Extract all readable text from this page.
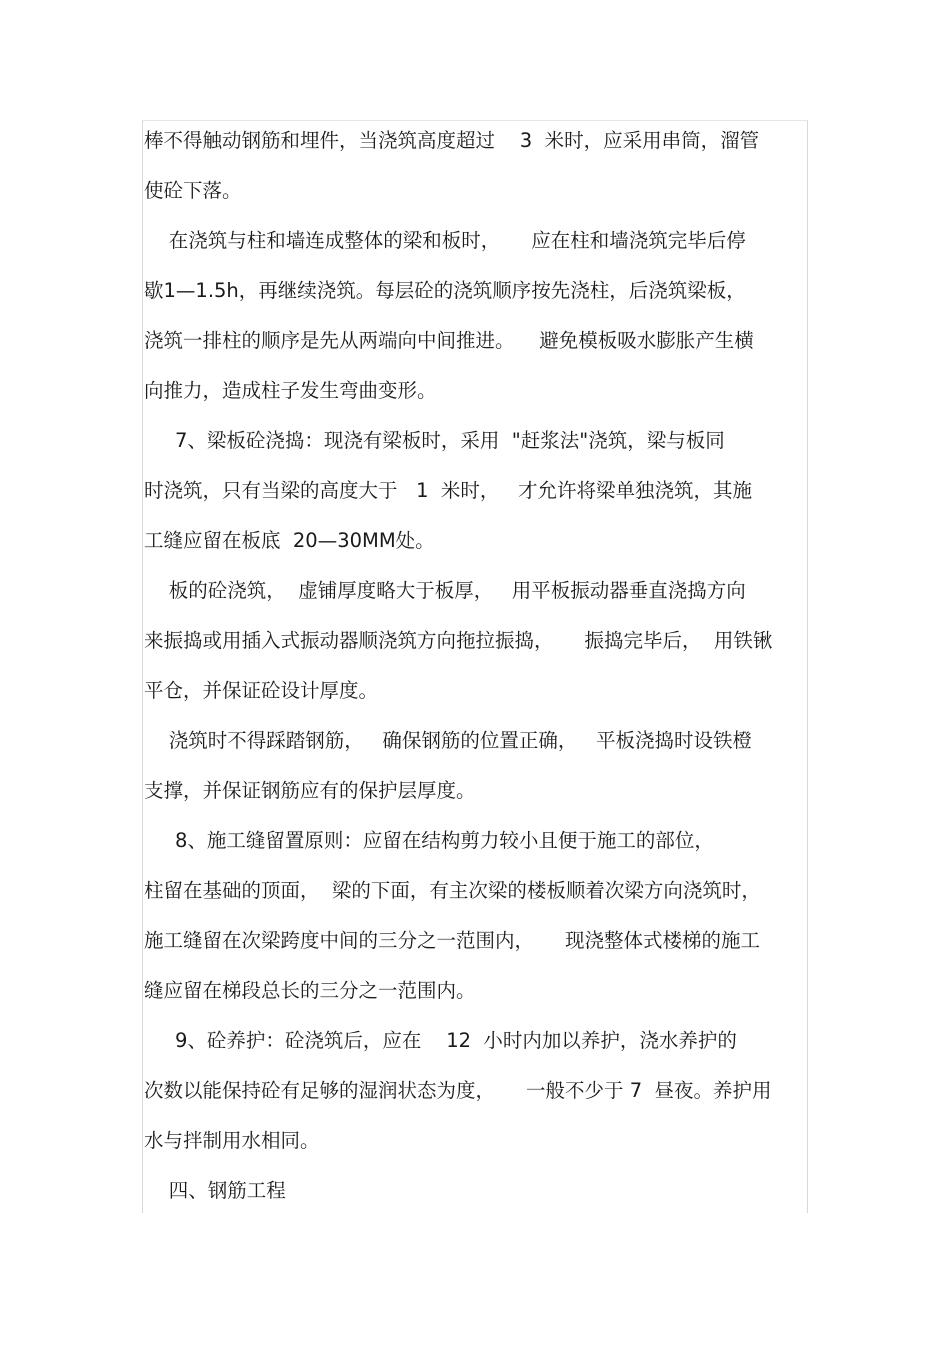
棒不得触动钢筋和埋件，当浇筑高度超过    3  米时，应采用串筒，溜管
使砼下落。
在浇筑与柱和墙连成整体的梁和板时，     应在柱和墙浇筑完毕后停
歇1—1.5h，再继续浇筑。每层砼的浇筑顺序按先浇柱，后浇筑梁板，
浇筑一排柱的顺序是先从两端向中间推进。    避免模板吸水膨胀产生横
向推力，造成柱子发生弯曲变形。
7、梁板砼浇捣：现浇有梁板时，采用  "赶浆法"浇筑，梁与板同
时浇筑，只有当梁的高度大于   1  米时，   才允许将梁单独浇筑，其施
工缝应留在板底  20—30MM处。
板的砼浇筑，  虚铺厚度略大于板厚，   用平板振动器垂直浇捣方向
来振捣或用插入式振动器顺浇筑方向拖拉振捣，     振捣完毕后，  用铁锹
平仓，并保证砼设计厚度。
浇筑时不得踩踏钢筋，   确保钢筋的位置正确，   平板浇捣时设铁橙
支撑，并保证钢筋应有的保护层厚度。
8、施工缝留置原则：应留在结构剪力较小且便于施工的部位，
柱留在基础的顶面，  梁的下面，有主次梁的楼板顺着次梁方向浇筑时，
施工缝留在次梁跨度中间的三分之一范围内，     现浇整体式楼梯的施工
缝应留在梯段总长的三分之一范围内。
9、砼养护：砼浇筑后，应在    12  小时内加以养护，浇水养护的
次数以能保持砼有足够的湿润状态为度，     一般不少于 7  昼夜。养护用
水与拌制用水相同。
四、钢筋工程
